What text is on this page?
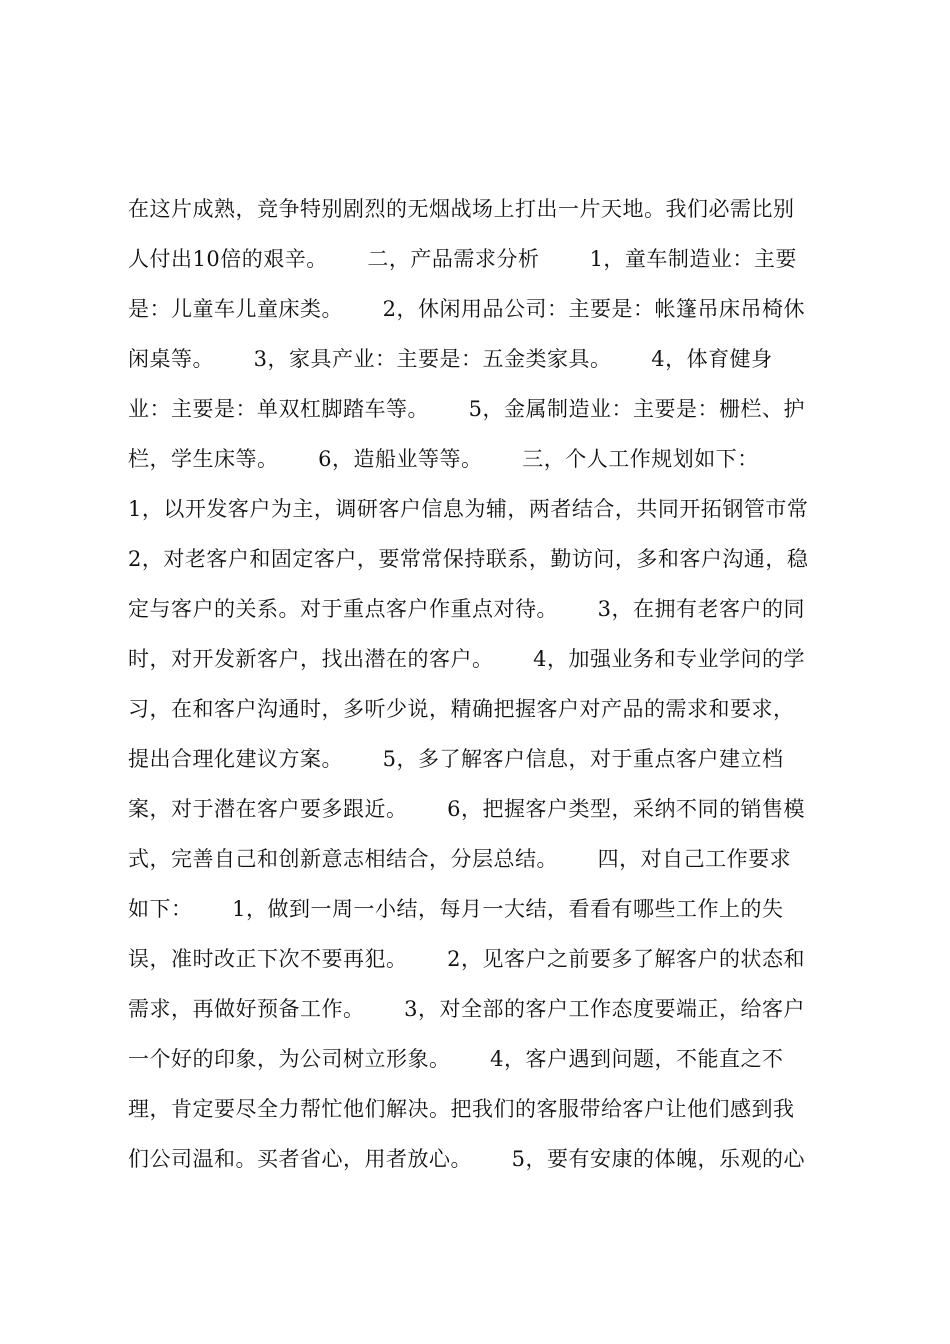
在这片成熟，竞争特别剧烈的无烟战场上打出一片天地。我们必需比别
人付出10倍的艰辛。　　 二，产品需求分析　　 1，童车制造业：主要
是：儿童车儿童床类。　　 2，休闲用品公司：主要是：帐篷吊床吊椅休
闲桌等。　　 3，家具产业：主要是：五金类家具。　　 4，体育健身
业：主要是：单双杠脚踏车等。　　 5，金属制造业：主要是：栅栏、护
栏，学生床等。　　 6，造船业等等。　　 三，个人工作规划如下：
1，以开发客户为主，调研客户信息为辅，两者结合，共同开拓钢管市常
2，对老客户和固定客户，要常常保持联系，勤访问，多和客户沟通，稳
定与客户的关系。对于重点客户作重点对待。　　 3，在拥有老客户的同
时，对开发新客户，找出潜在的客户。　　 4，加强业务和专业学问的学
习，在和客户沟通时，多听少说，精确把握客户对产品的需求和要求，
提出合理化建议方案。　　 5，多了解客户信息，对于重点客户建立档
案，对于潜在客户要多跟近。　　 6，把握客户类型，采纳不同的销售模
式，完善自己和创新意志相结合，分层总结。　　 四，对自己工作要求
如下：　　 1，做到一周一小结，每月一大结，看看有哪些工作上的失
误，准时改正下次不要再犯。　　 2，见客户之前要多了解客户的状态和
需求，再做好预备工作。　　 3，对全部的客户工作态度要端正，给客户
一个好的印象，为公司树立形象。　　 4，客户遇到问题，不能直之不
理，肯定要尽全力帮忙他们解决。把我们的客服带给客户让他们感到我
们公司温和。买者省心，用者放心。　　 5，要有安康的体魄，乐观的心
